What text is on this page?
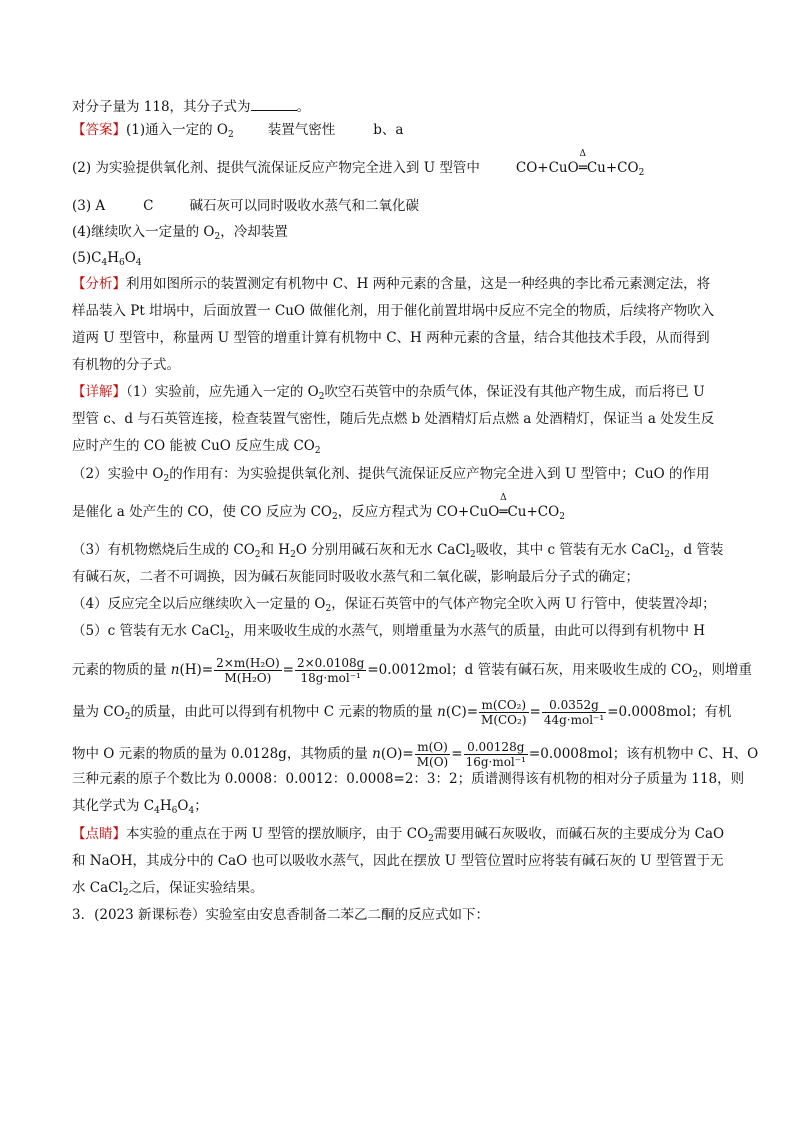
对分子量为 118，其分子式为	。
【答案】(1)通入一定的 $O_2$	装置气密性	b、a
(2) 为实验提供氧化剂、提供气流保证反应产物完全进入到 U 型管中	CO+CuO
Δ
$═Cu+CO_2$
(3) A	C	碱石灰可以同时吸收水蒸气和二氧化碳
(4)继续吹入一定量的 $O_2$，冷却装置
$(5)C_4H_6O_4$
【分析】利用如图所示的装置测定有机物中 C、H 两种元素的含量，这是一种经典的李比希元素测定法，将
样品装入 Pt 坩埚中，后面放置一 CuO 做催化剂，用于催化前置坩埚中反应不完全的物质，后续将产物吹入
道两 U 型管中，称量两 U 型管的增重计算有机物中 C、H 两种元素的含量，结合其他技术手段，从而得到
有机物的分子式。
【详解】（1）实验前，应先通入一定的 $O_2$吹空石英管中的杂质气体，保证没有其他产物生成，而后将已 U
型管 c、d 与石英管连接，检查装置气密性，随后先点燃 b 处酒精灯后点燃 a 处酒精灯，保证当 a 处发生反
应时产生的 CO 能被 CuO 反应生成 $CO_2$
（2）实验中 $O_2$的作用有：为实验提供氧化剂、提供气流保证反应产物完全进入到 U 型管中；CuO 的作用
是催化 a 处产生的 CO，使 CO 反应为 $CO_2$，反应方程式为 CO+CuO
Δ
$═Cu+CO_2$
（3）有机物燃烧后生成的 $CO_2$和 $H_2O$ 分别用碱石灰和无水 CaCl$_2$吸收，其中 c 管装有无水 CaCl$_2$，d 管装
有碱石灰，二者不可调换，因为碱石灰能同时吸收水蒸气和二氧化碳，影响最后分子式的确定；
（4）反应完全以后应继续吹入一定量的 $O_2$，保证石英管中的气体产物完全吹入两 U 行管中，使装置冷却；
（5）c 管装有无水 CaCl$_2$，用来吸收生成的水蒸气，则增重量为水蒸气的质量，由此可以得到有机物中 H
元素的物质的量 $n(H)= \frac{\text{2×m(H₂O)}}{\text{M(H₂O)}} = \frac{2\times 0.0108g}{\text{18g·mol⁻¹}} =0.0012mol$；d 管装有碱石灰，用来吸收生成的 $CO_2$，则增重
量为 $CO_2$的质量，由此可以得到有机物中 C 元素的物质的量 $n(C)= \frac{\text{m(CO₂)}}{\text{M(CO₂)}} = \frac{0.0352g}{\text{44g·mol⁻¹}} =0.0008mol$；有机
物中 O 元素的物质的量为 0.0128g，其物质的量 $n(O)= \frac{m(O)}{M(O)} = \frac{0.00128g}{\text{16g·mol⁻¹}} =0.0008mol$；该有机物中 C、H、O
三种元素的原子个数比为 0.0008：0.0012：0.0008=2：3：2；质谱测得该有机物的相对分子质量为 118，则
其化学式为 $C_4H_6O_4$；
【点睛】本实验的重点在于两 U 型管的摆放顺序，由于 $CO_2$需要用碱石灰吸收，而碱石灰的主要成分为 CaO
和 NaOH，其成分中的 CaO 也可以吸收水蒸气，因此在摆放 U 型管位置时应将装有碱石灰的 U 型管置于无
水 CaCl$_2$之后，保证实验结果。
3．(2023 新课标卷）实验室由安息香制备二苯乙二酮的反应式如下：
